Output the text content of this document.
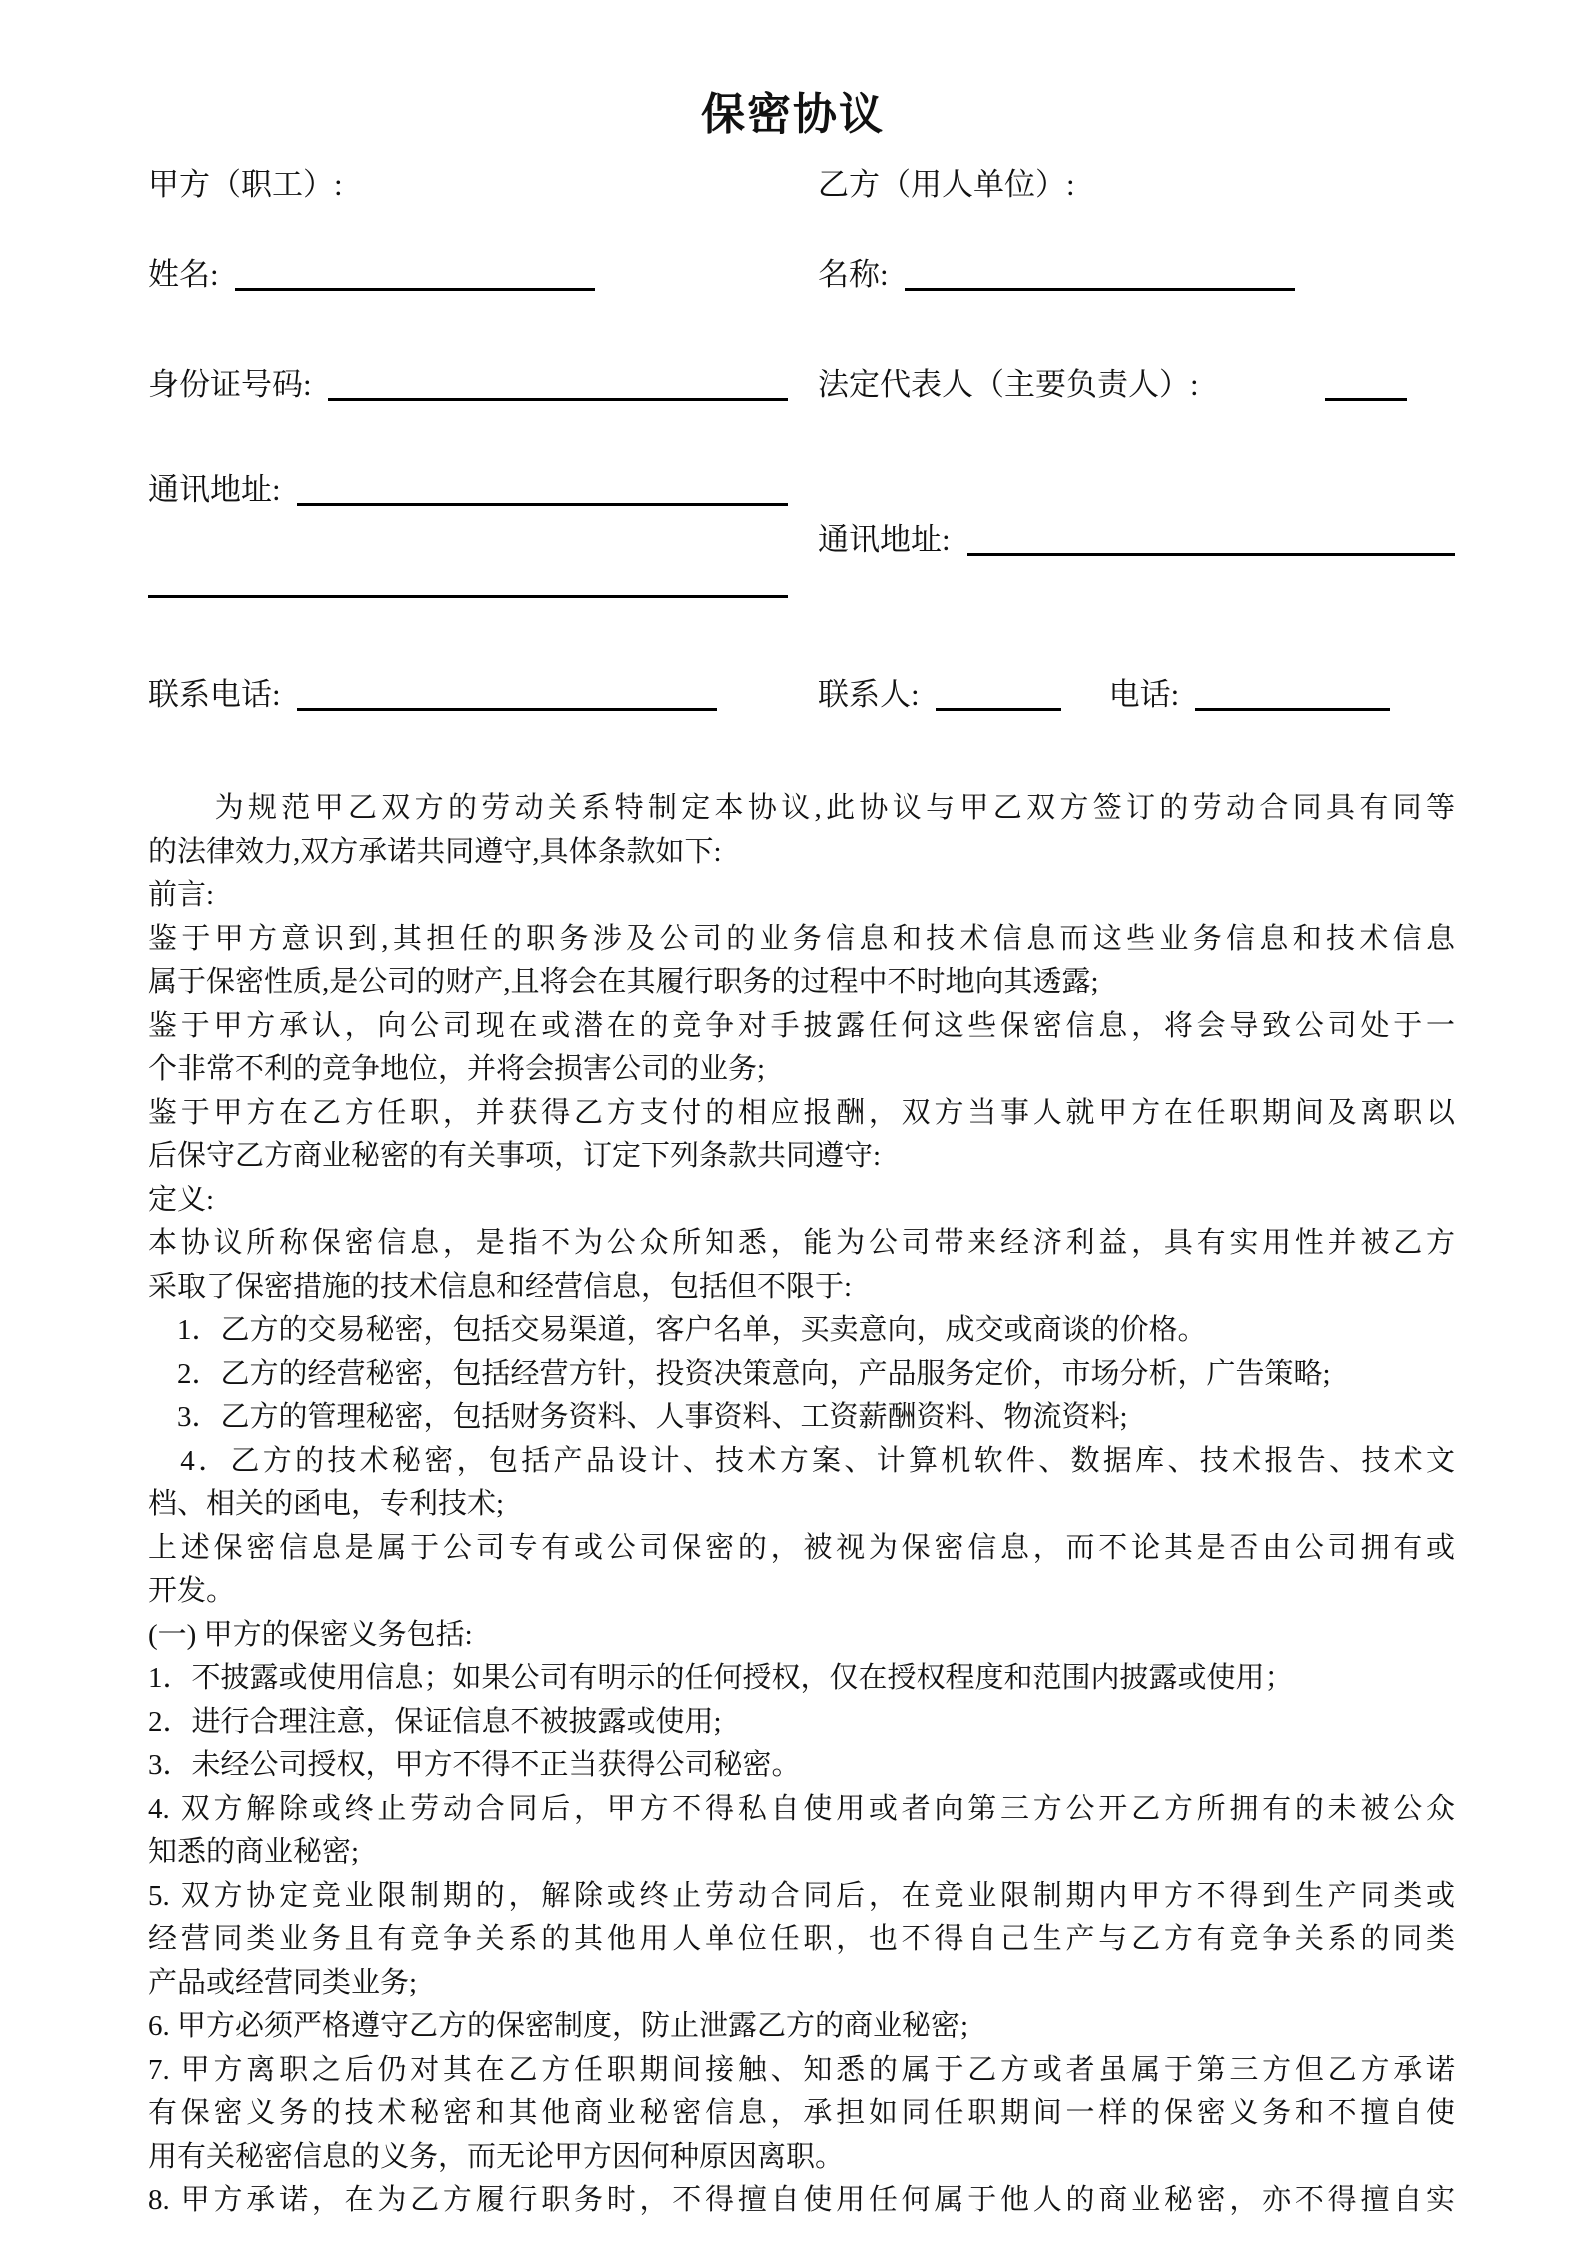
保密协议
甲方（职工）:	乙方（用人单位）:
姓名:	名称:
身份证号码:	法定代表人（主要负责人）:
通讯地址:
通讯地址:
联系电话:	联系人:	电话:
　　为规范甲乙双方的劳动关系特制定本协议,此协议与甲乙双方签订的劳动合同具有同等
的法律效力,双方承诺共同遵守,具体条款如下:
前言:
鉴于甲方意识到,其担任的职务涉及公司的业务信息和技术信息而这些业务信息和技术信息
属于保密性质,是公司的财产,且将会在其履行职务的过程中不时地向其透露;
鉴于甲方承认，向公司现在或潜在的竞争对手披露任何这些保密信息，将会导致公司处于一
个非常不利的竞争地位，并将会损害公司的业务;
鉴于甲方在乙方任职，并获得乙方支付的相应报酬，双方当事人就甲方在任职期间及离职以
后保守乙方商业秘密的有关事项，订定下列条款共同遵守:
定义:
本协议所称保密信息，是指不为公众所知悉，能为公司带来经济利益，具有实用性并被乙方
采取了保密措施的技术信息和经营信息，包括但不限于:
　1．乙方的交易秘密，包括交易渠道，客户名单，买卖意向，成交或商谈的价格。
　2．乙方的经营秘密，包括经营方针，投资决策意向，产品服务定价，市场分析，广告策略;
　3．乙方的管理秘密，包括财务资料、人事资料、工资薪酬资料、物流资料;
　4．乙方的技术秘密，包括产品设计、技术方案、计算机软件、数据库、技术报告、技术文
档、相关的函电，专利技术;
上述保密信息是属于公司专有或公司保密的，被视为保密信息，而不论其是否由公司拥有或
开发。
(一) 甲方的保密义务包括:
1．不披露或使用信息；如果公司有明示的任何授权，仅在授权程度和范围内披露或使用；
2．进行合理注意，保证信息不被披露或使用;
3．未经公司授权，甲方不得不正当获得公司秘密。
4. 双方解除或终止劳动合同后，甲方不得私自使用或者向第三方公开乙方所拥有的未被公众
知悉的商业秘密;
5. 双方协定竞业限制期的，解除或终止劳动合同后，在竞业限制期内甲方不得到生产同类或
经营同类业务且有竞争关系的其他用人单位任职，也不得自己生产与乙方有竞争关系的同类
产品或经营同类业务;
6. 甲方必须严格遵守乙方的保密制度，防止泄露乙方的商业秘密;
7. 甲方离职之后仍对其在乙方任职期间接触、知悉的属于乙方或者虽属于第三方但乙方承诺
有保密义务的技术秘密和其他商业秘密信息，承担如同任职期间一样的保密义务和不擅自使
用有关秘密信息的义务，而无论甲方因何种原因离职。
8. 甲方承诺，在为乙方履行职务时，不得擅自使用任何属于他人的商业秘密，亦不得擅自实
